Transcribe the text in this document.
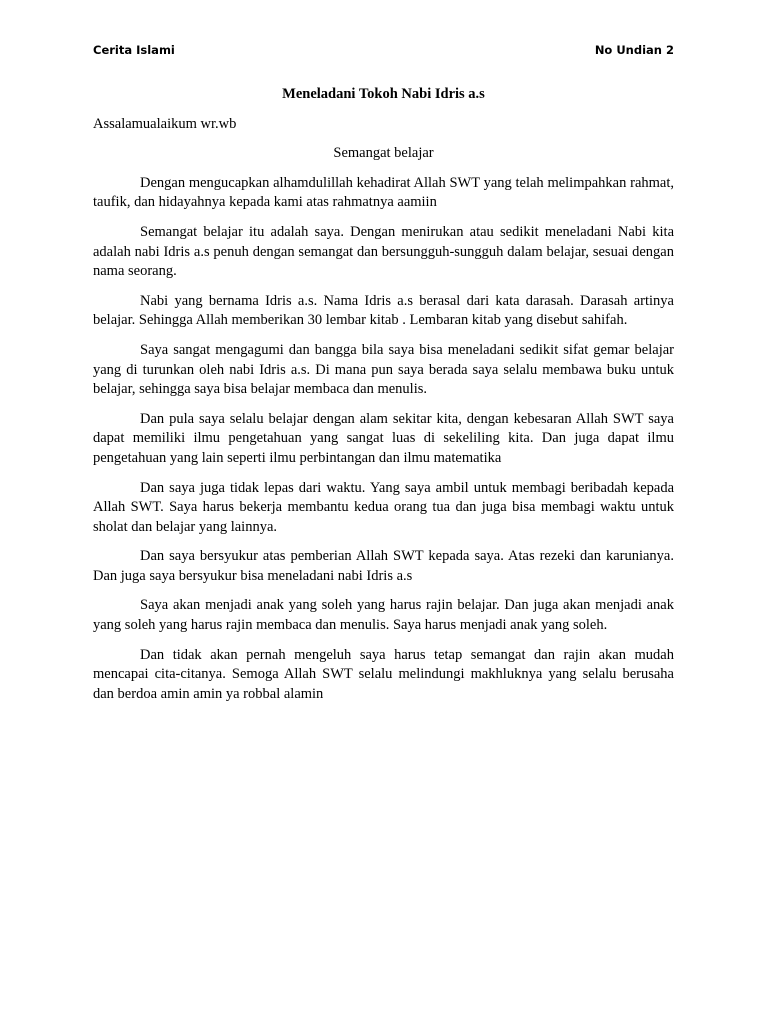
Cerita Islami	No Undian 2

Meneladani Tokoh Nabi Idris a.s

Assalamualaikum wr.wb

Semangat belajar

Dengan mengucapkan alhamdulillah kehadirat Allah SWT yang telah melimpahkan rahmat, taufik, dan hidayahnya kepada kami atas rahmatnya aamiin

Semangat belajar itu adalah saya. Dengan menirukan atau sedikit meneladani Nabi kita adalah nabi Idris a.s penuh dengan semangat dan bersungguh-sungguh dalam belajar, sesuai dengan nama seorang.

Nabi yang bernama Idris a.s. Nama Idris a.s berasal dari kata darasah. Darasah artinya belajar. Sehingga Allah memberikan 30 lembar kitab . Lembaran kitab yang disebut sahifah.

Saya sangat mengagumi dan bangga bila saya bisa meneladani sedikit sifat gemar belajar yang di turunkan oleh nabi Idris a.s. Di mana pun saya berada saya selalu membawa buku untuk belajar, sehingga saya bisa belajar membaca dan menulis.

Dan pula saya selalu belajar dengan alam sekitar kita, dengan kebesaran Allah SWT saya dapat memiliki ilmu pengetahuan yang sangat luas di sekeliling kita. Dan juga dapat ilmu pengetahuan yang lain seperti ilmu perbintangan dan ilmu matematika

Dan saya juga tidak lepas dari waktu. Yang saya ambil untuk membagi beribadah kepada Allah SWT. Saya harus bekerja membantu kedua orang tua dan juga bisa membagi waktu untuk sholat dan belajar yang lainnya.

Dan saya bersyukur atas pemberian Allah SWT kepada saya. Atas rezeki dan karunianya. Dan juga saya bersyukur bisa meneladani nabi Idris a.s

Saya akan menjadi anak yang soleh yang harus rajin belajar. Dan juga akan menjadi anak yang soleh yang harus rajin membaca dan menulis. Saya harus menjadi anak yang soleh.

Dan tidak akan pernah mengeluh saya harus tetap semangat dan rajin akan mudah mencapai cita-citanya. Semoga Allah SWT selalu melindungi makhluknya yang selalu berusaha dan berdoa amin amin ya robbal alamin
